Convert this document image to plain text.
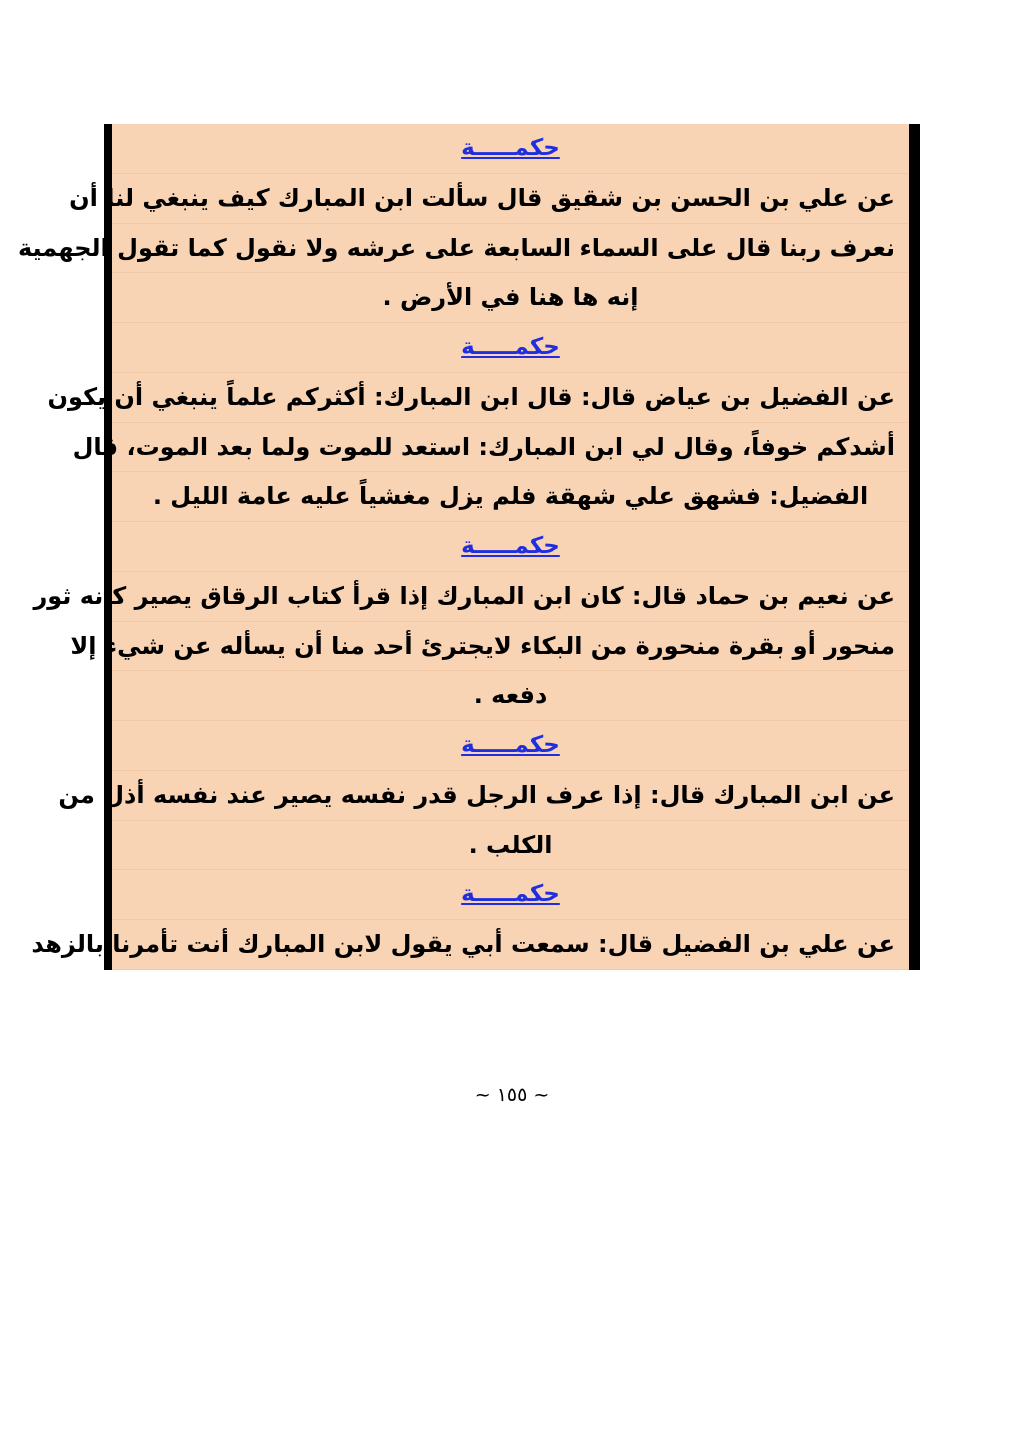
حكمـــــة
عن علي بن الحسن بن شقيق قال سألت ابن المبارك كيف ينبغي لنا أن
نعرف ربنا قال على السماء السابعة على عرشه ولا نقول كما تقول الجهمية
إنه ها هنا في الأرض .
حكمـــــة
عن الفضيل بن عياض قال: قال ابن المبارك: أكثركم علماً ينبغي أن يكون
أشدكم خوفاً، وقال لي ابن المبارك: استعد للموت ولما بعد الموت، قال
الفضيل: فشهق علي شهقة فلم يزل مغشياً عليه عامة الليل .
حكمـــــة
عن نعيم بن حماد قال: كان ابن المبارك إذا قرأ كتاب الرقاق يصير كأنه ثور
منحور أو بقرة منحورة من البكاء لايجترئ أحد منا أن يسأله عن شيء إلا
دفعه .
حكمـــــة
عن ابن المبارك قال: إذا عرف الرجل قدر نفسه يصير عند نفسه أذل من
الكلب .
حكمـــــة
عن علي بن الفضيل قال: سمعت أبي يقول لابن المبارك أنت تأمرنا بالزهد
~ ١٥٥ ~
